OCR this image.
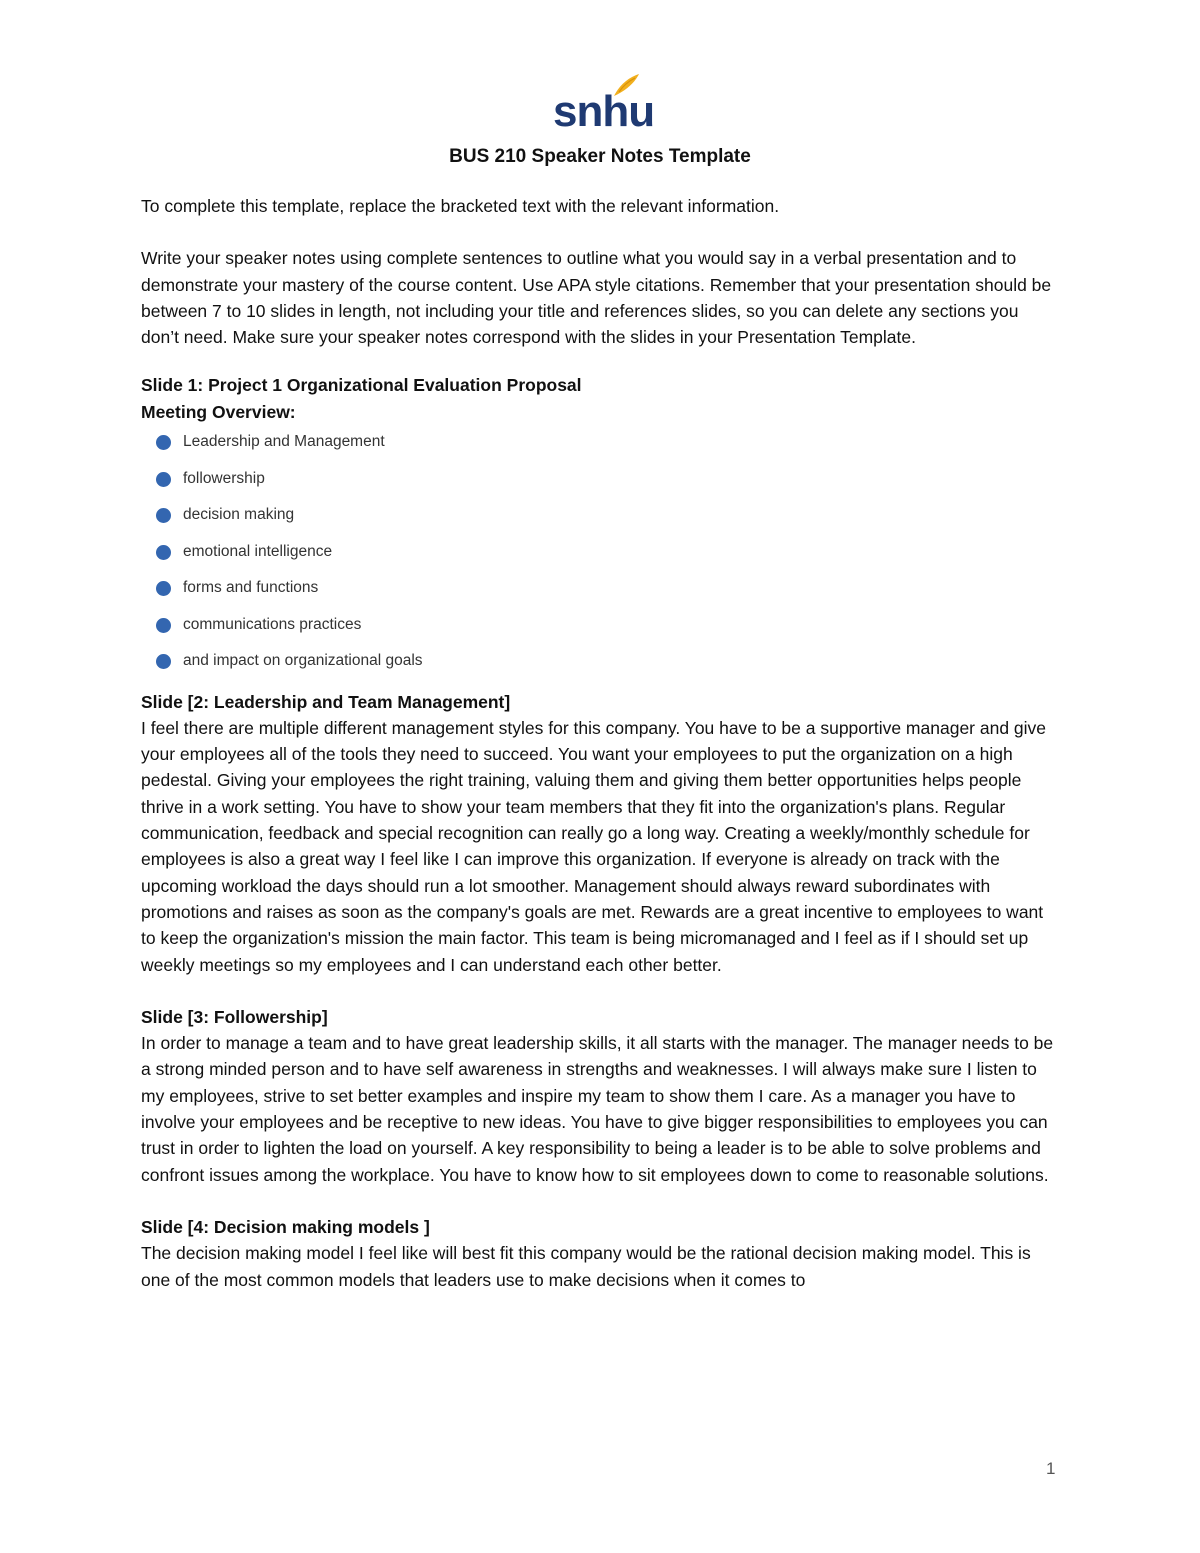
snhu
BUS 210 Speaker Notes Template

To complete this template, replace the bracketed text with the relevant information.

Write your speaker notes using complete sentences to outline what you would say in a verbal presentation and to demonstrate your mastery of the course content. Use APA style citations. Remember that your presentation should be between 7 to 10 slides in length, not including your title and references slides, so you can delete any sections you don’t need. Make sure your speaker notes correspond with the slides in your Presentation Template.

Slide 1: Project 1 Organizational Evaluation Proposal

Meeting Overview:

Leadership and Management
followership
decision making
emotional intelligence
forms and functions
communications practices
and impact on organizational goals

Slide [2: Leadership and Team Management]

I feel there are multiple different management styles for this company. You have to be a supportive manager and give your employees all of the tools they need to succeed. You want your employees to put the organization on a high pedestal. Giving your employees the right training, valuing them and giving them better opportunities helps people thrive in a work setting. You have to show your team members that they fit into the organization's plans. Regular communication, feedback and special recognition can really go a long way. Creating a weekly/monthly schedule for employees is also a great way I feel like I can improve this organization. If everyone is already on track with the upcoming workload the days should run a lot smoother. Management should always reward subordinates with promotions and raises as soon as the company's goals are met. Rewards are a great incentive to employees to want to keep the organization's mission the main factor. This team is being micromanaged and I feel as if I should set up weekly meetings so my employees and I can understand each other better.

Slide [3: Followership]

In order to manage a team and to have great leadership skills, it all starts with the manager. The manager needs to be a strong minded person and to have self awareness in strengths and weaknesses. I will always make sure I listen to my employees, strive to set better examples and inspire my team to show them I care. As a manager you have to involve your employees and be receptive to new ideas. You have to give bigger responsibilities to employees you can trust in order to lighten the load on yourself. A key responsibility to being a leader is to be able to solve problems and confront issues among the workplace. You have to know how to sit employees down to come to reasonable solutions.

Slide [4: Decision making models ]

The decision making model I feel like will best fit this company would be the rational decision making model. This is one of the most common models that leaders use to make decisions when it comes to

1
